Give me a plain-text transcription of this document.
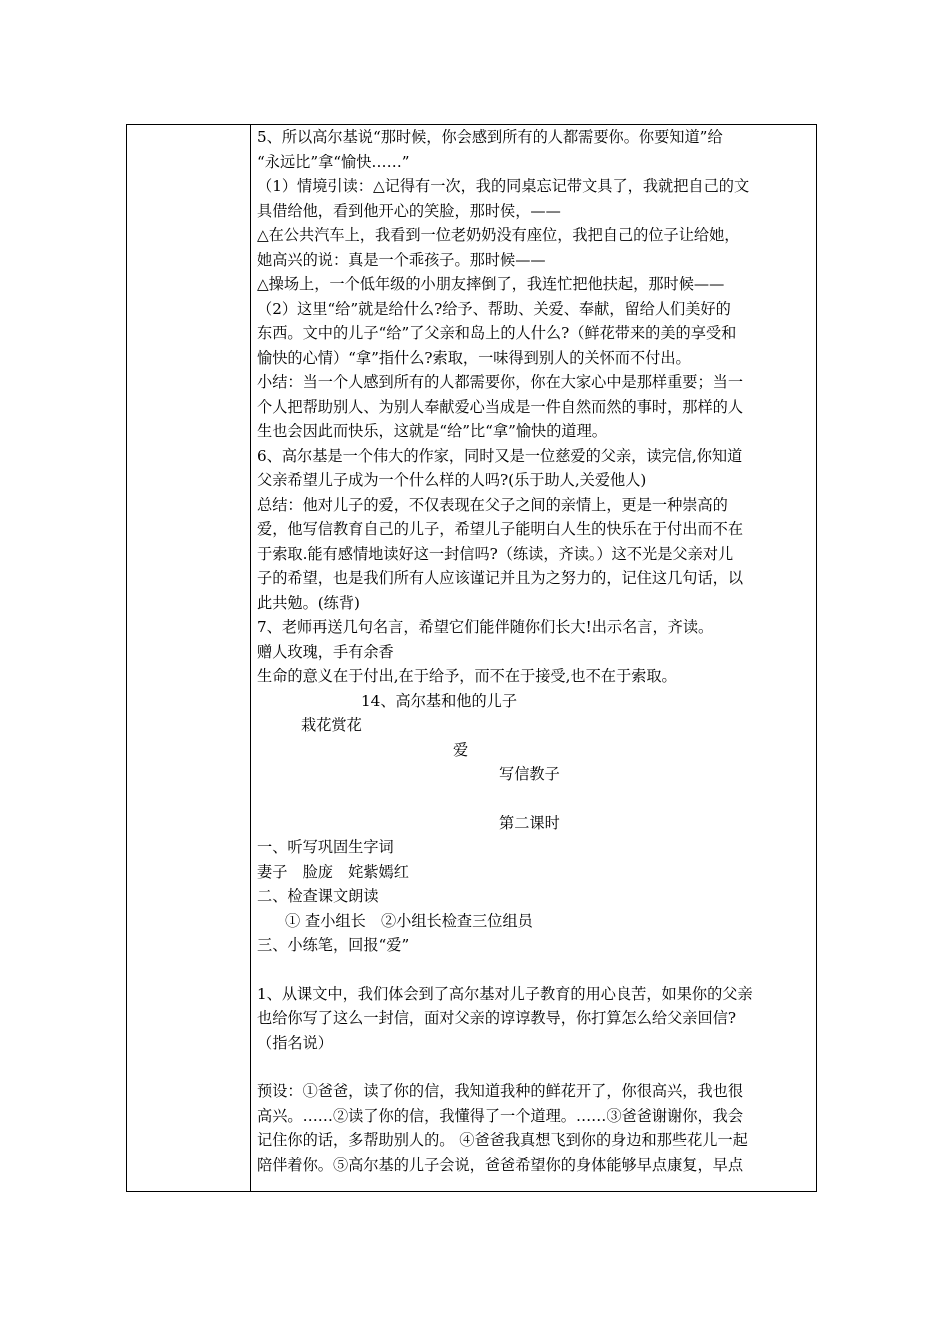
5、所以高尔基说“那时候，你会感到所有的人都需要你。你要知道”给

“永远比”拿“愉快……”

（1）情境引读：△记得有一次，我的同桌忘记带文具了，我就把自己的文

具借给他，看到他开心的笑脸，那时侯，——

△在公共汽车上，我看到一位老奶奶没有座位，我把自己的位子让给她，

她高兴的说：真是一个乖孩子。那时候——

△操场上，一个低年级的小朋友摔倒了，我连忙把他扶起，那时候——

（2）这里“给”就是给什么?给予、帮助、关爱、奉献，留给人们美好的

东西。文中的儿子“给”了父亲和岛上的人什么?（鲜花带来的美的享受和

愉快的心情）“拿”指什么?索取，一味得到别人的关怀而不付出。

小结：当一个人感到所有的人都需要你，你在大家心中是那样重要；当一

个人把帮助别人、为别人奉献爱心当成是一件自然而然的事时，那样的人

生也会因此而快乐，这就是“给”比“拿”愉快的道理。

6、高尔基是一个伟大的作家，同时又是一位慈爱的父亲，读完信,你知道

父亲希望儿子成为一个什么样的人吗?(乐于助人,关爱他人)

总结：他对儿子的爱，不仅表现在父子之间的亲情上，更是一种崇高的

爱，他写信教育自己的儿子，希望儿子能明白人生的快乐在于付出而不在

于索取.能有感情地读好这一封信吗?（练读，齐读。）这不光是父亲对儿

子的希望，也是我们所有人应该谨记并且为之努力的，记住这几句话，以

此共勉。(练背)

7、老师再送几句名言，希望它们能伴随你们长大!出示名言，齐读。

赠人玫瑰，手有余香

生命的意义在于付出,在于给予，而不在于接受,也不在于索取。

14、高尔基和他的儿子

栽花赏花

爱

写信教子

第二课时

一、听写巩固生字词

妻子　脸庞　姹紫嫣红

二、检查课文朗读

① 查小组长　②小组长检查三位组员

三、小练笔，回报“爱”

1、从课文中，我们体会到了高尔基对儿子教育的用心良苦，如果你的父亲

也给你写了这么一封信，面对父亲的谆谆教导，你打算怎么给父亲回信?

（指名说）

预设：①爸爸，读了你的信，我知道我种的鲜花开了，你很高兴，我也很

高兴。……②读了你的信，我懂得了一个道理。……③爸爸谢谢你，我会

记住你的话，多帮助别人的。 ④爸爸我真想飞到你的身边和那些花儿一起

陪伴着你。⑤高尔基的儿子会说，爸爸希望你的身体能够早点康复，早点
